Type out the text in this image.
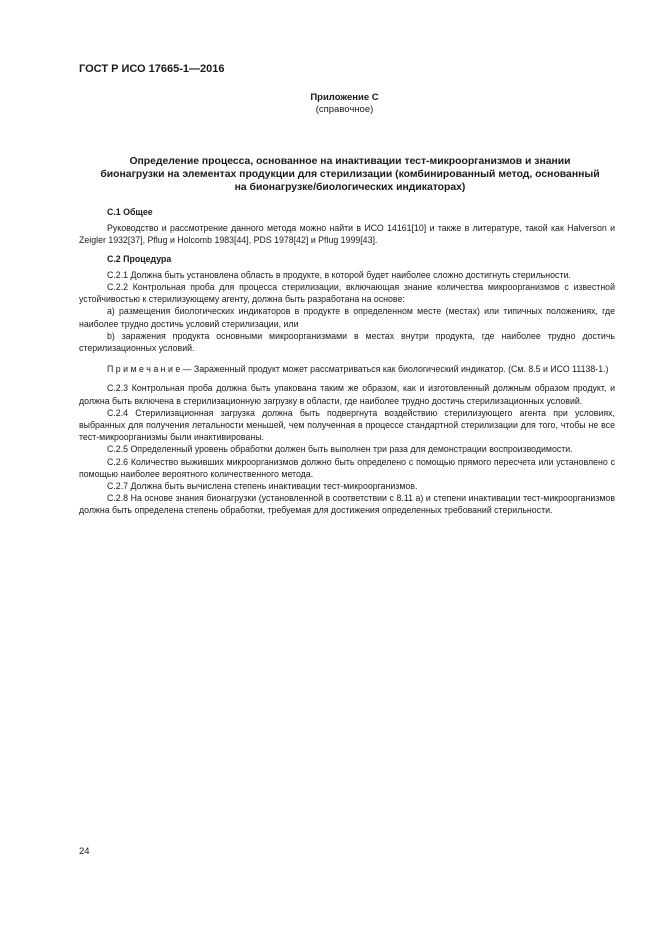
ГОСТ Р ИСО 17665-1—2016
Приложение С
(справочное)
Определение процесса, основанное на инактивации тест-микроорганизмов и знании бионагрузки на элементах продукции для стерилизации (комбинированный метод, основанный на бионагрузке/биологических индикаторах)

С.1 Общее

Руководство и рассмотрение данного метода можно найти в ИСО 14161[10] и также в литературе, такой как Halverson и Zeigler 1932[37], Pflug и Holcomb 1983[44], PDS 1978[42] и Pflug 1999[43].

С.2 Процедура

С.2.1 Должна быть установлена область в продукте, в которой будет наиболее сложно достигнуть стерильности.

С.2.2 Контрольная проба для процесса стерилизации, включающая знание количества микроорганизмов с известной устойчивостью к стерилизующему агенту, должна быть разработана на основе:

а) размещения биологических индикаторов в продукте в определенном месте (местах) или типичных положениях, где наиболее трудно достичь условий стерилизации, или

b) заражения продукта основными микроорганизмами в местах внутри продукта, где наиболее трудно достичь стерилизационных условий.

П р и м е ч а н и е — Зараженный продукт может рассматриваться как биологический индикатор. (См. 8.5 и ИСО 11138-1.)

С.2.3 Контрольная проба должна быть упакована таким же образом, как и изготовленный должным образом продукт, и должна быть включена в стерилизационную загрузку в области, где наиболее трудно достичь стерилизационных условий.

С.2.4 Стерилизационная загрузка должна быть подвергнута воздействию стерилизующего агента при условиях, выбранных для получения летальности меньшей, чем полученная в процессе стандартной стерилизации для того, чтобы не все тест-микроорганизмы были инактивированы.

С.2.5 Определенный уровень обработки должен быть выполнен три раза для демонстрации воспроизводимости.

С.2.6 Количество выживших микроорганизмов должно быть определено с помощью прямого пересчета или установлено с помощью наиболее вероятного количественного метода.

С.2.7 Должна быть вычислена степень инактивации тест-микроорганизмов.

С.2.8 На основе знания бионагрузки (установленной в соответствии с 8.11 а) и степени инактивации тест-микроорганизмов должна быть определена степень обработки, требуемая для достижения определенных требований стерильности.

24
